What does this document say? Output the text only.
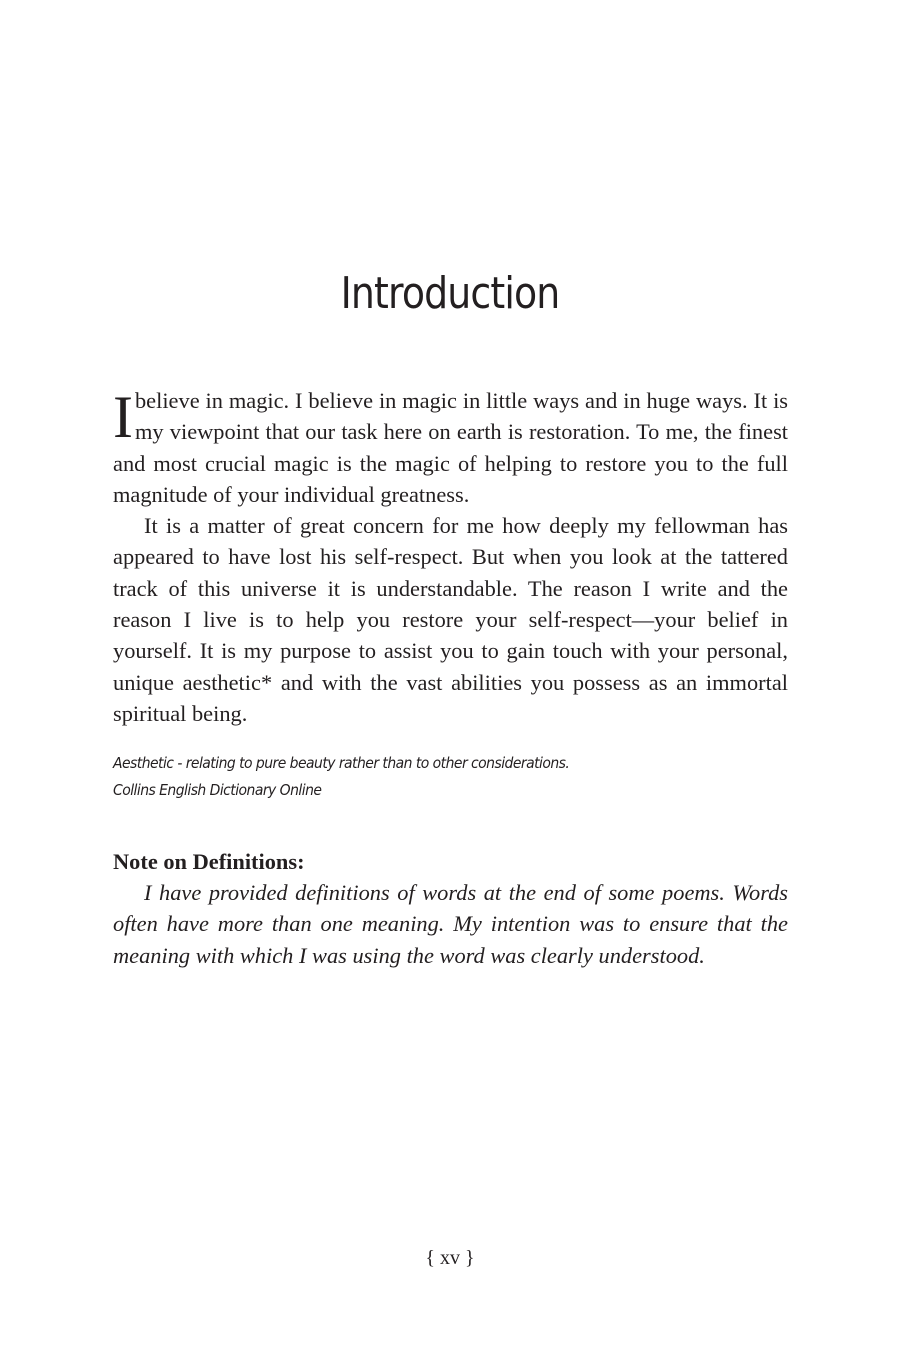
Introduction

I believe in magic. I believe in magic in little ways and in huge ways. It is my viewpoint that our task here on earth is restoration. To me, the finest and most crucial magic is the magic of helping to restore you to the full magnitude of your individual greatness.

It is a matter of great concern for me how deeply my fellowman has appeared to have lost his self-respect. But when you look at the tattered track of this universe it is understandable. The reason I write and the reason I live is to help you restore your self-respect—your belief in yourself. It is my purpose to assist you to gain touch with your personal, unique aesthetic* and with the vast abilities you possess as an immortal spiritual being.

Aesthetic - relating to pure beauty rather than to other considerations.
Collins English Dictionary Online
Note on Definitions:

I have provided definitions of words at the end of some poems. Words often have more than one meaning. My intention was to ensure that the meaning with which I was using the word was clearly understood.

{ xv }
